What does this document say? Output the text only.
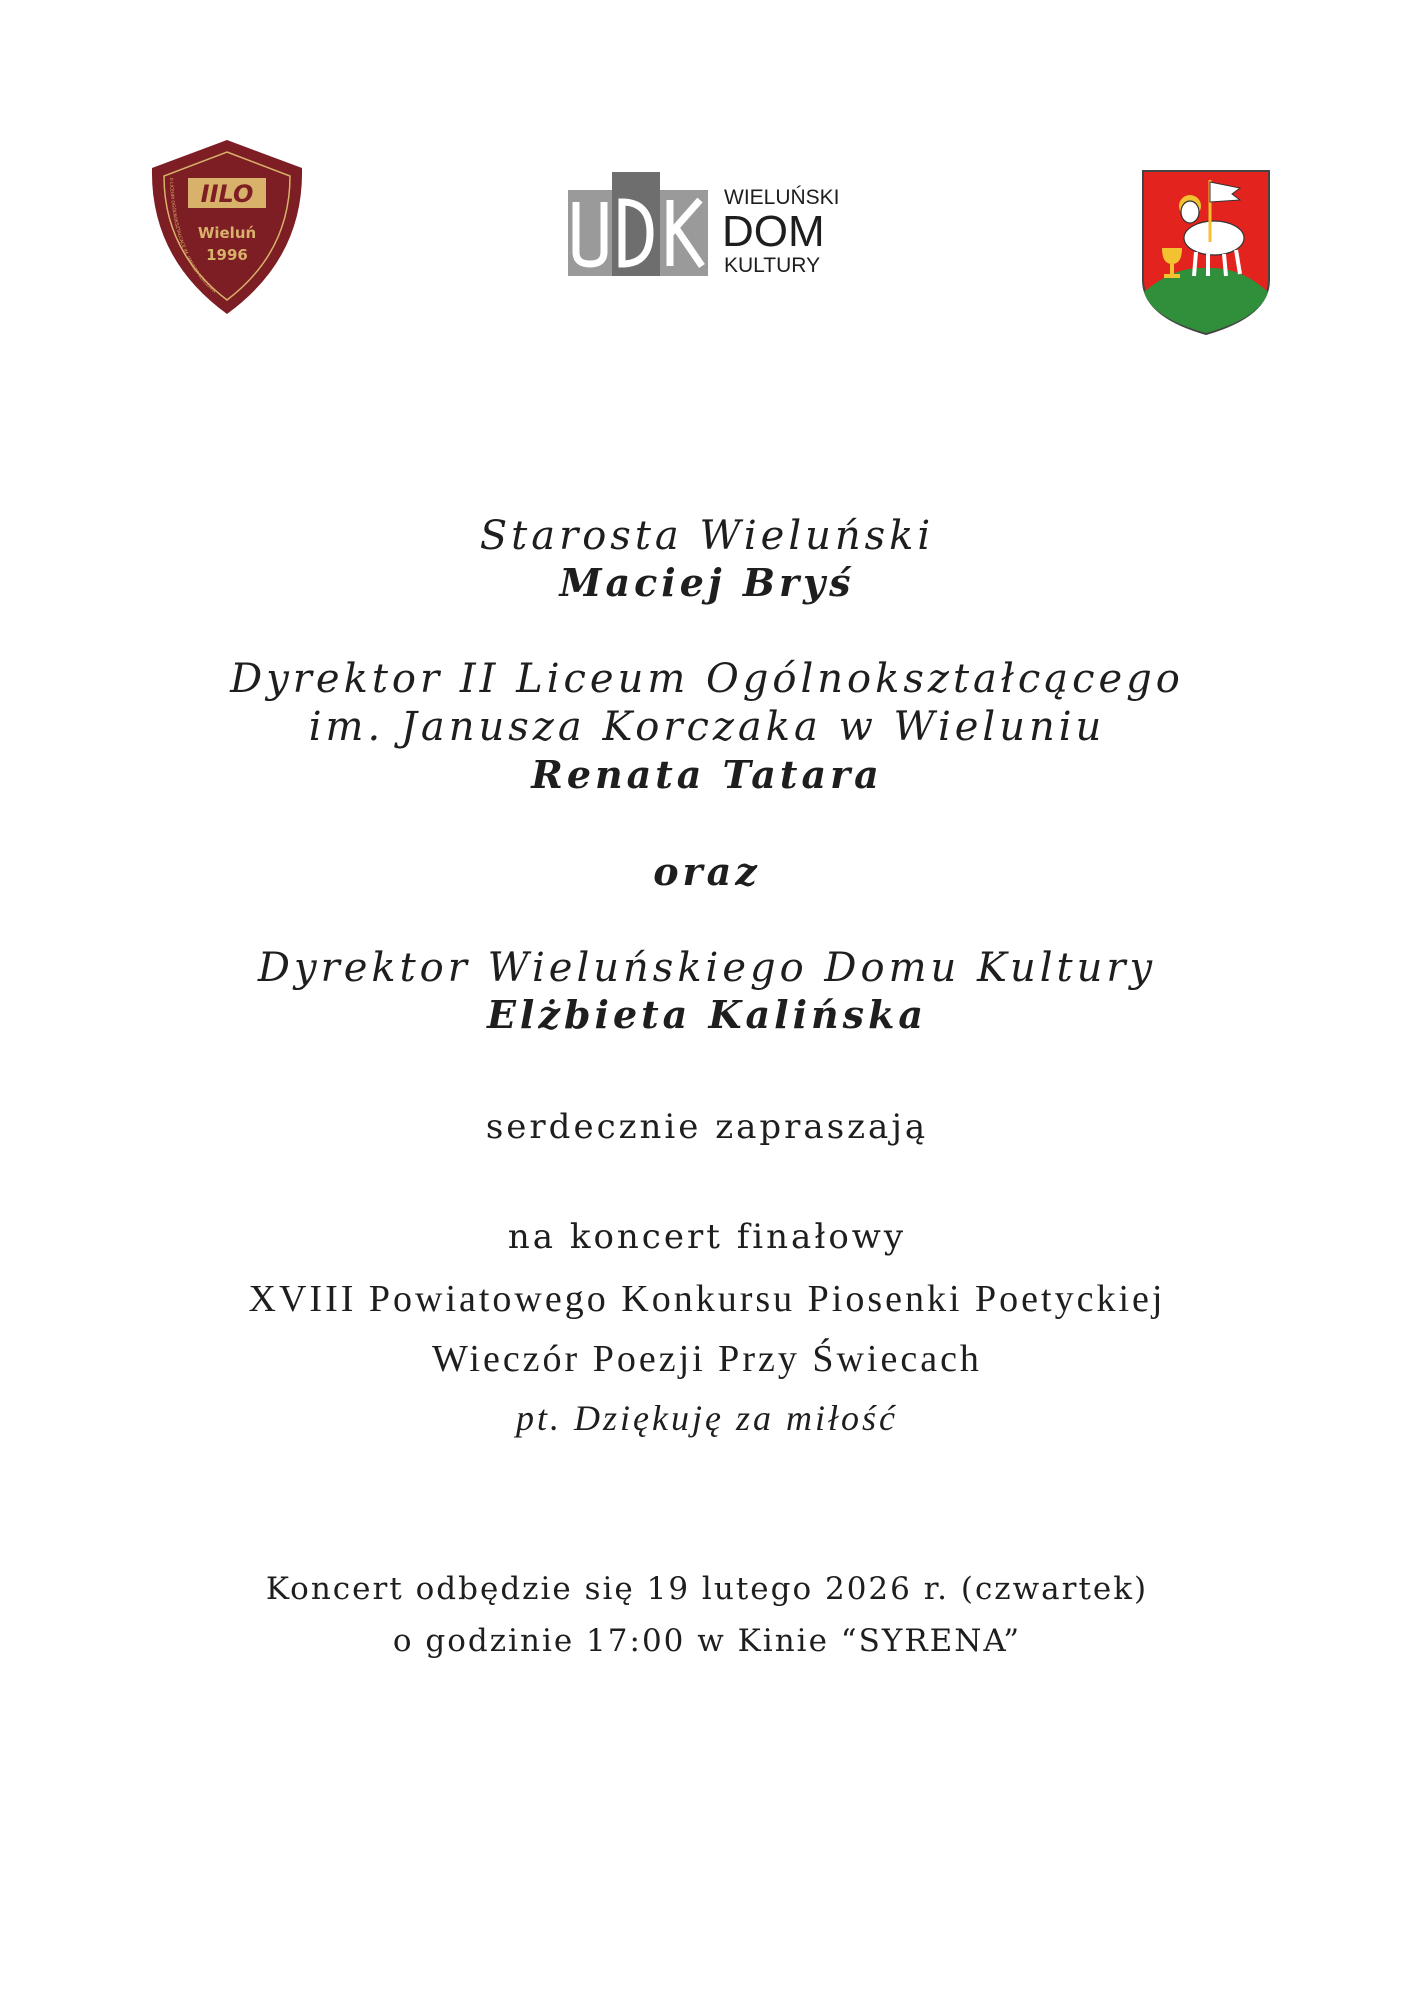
IILO
Wieluń
1996
II LICEUM OGÓLNOKSZTAŁCĄCE IM. JANUSZA KORCZAKA
WIELUŃSKI
DOM
KULTURY
Starosta Wieluński
Maciej Bryś
Dyrektor II Liceum Ogólnokształcącego
im. Janusza Korczaka w Wieluniu
Renata Tatara
oraz
Dyrektor Wieluńskiego Domu Kultury
Elżbieta Kalińska
serdecznie zapraszają
na koncert finałowy
XVIII Powiatowego Konkursu Piosenki Poetyckiej
Wieczór Poezji Przy Świecach
pt. Dziękuję za miłość
Koncert odbędzie się 19 lutego 2026 r. (czwartek)
o godzinie 17:00 w Kinie “SYRENA”
